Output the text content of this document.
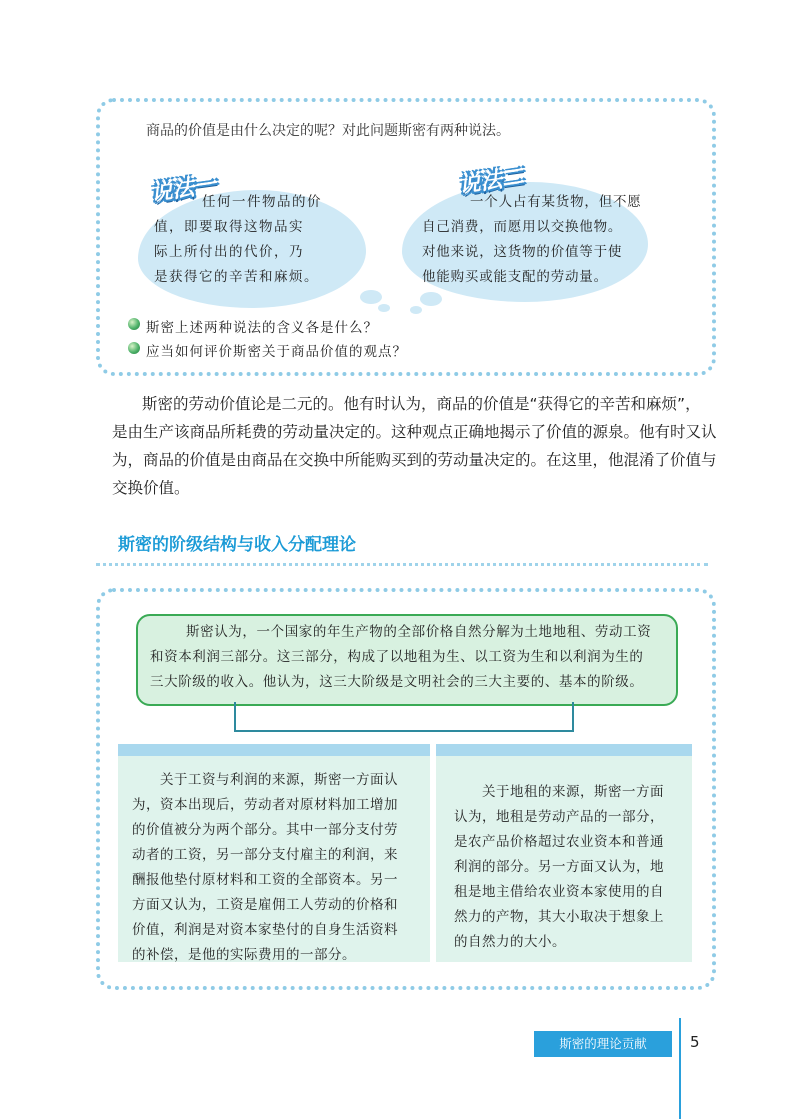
商品的价值是由什么决定的呢？对此问题斯密有两种说法。
说法一
任何一件物品的价
值，即要取得这物品实
际上所付出的代价，乃
是获得它的辛苦和麻烦。
说法二
一个人占有某货物，但不愿
自己消费，而愿用以交换他物。
对他来说，这货物的价值等于使
他能购买或能支配的劳动量。
斯密上述两种说法的含义各是什么？
应当如何评价斯密关于商品价值的观点？
斯密的劳动价值论是二元的。他有时认为，商品的价值是“获得它的辛苦和麻烦”，
是由生产该商品所耗费的劳动量决定的。这种观点正确地揭示了价值的源泉。他有时又认
为，商品的价值是由商品在交换中所能购买到的劳动量决定的。在这里，他混淆了价值与
交换价值。
斯密的阶级结构与收入分配理论
斯密认为，一个国家的年生产物的全部价格自然分解为土地地租、劳动工资
和资本利润三部分。这三部分，构成了以地租为生、以工资为生和以利润为生的
三大阶级的收入。他认为，这三大阶级是文明社会的三大主要的、基本的阶级。
关于工资与利润的来源，斯密一方面认
为，资本出现后，劳动者对原材料加工增加
的价值被分为两个部分。其中一部分支付劳
动者的工资，另一部分支付雇主的利润，来
酬报他垫付原材料和工资的全部资本。另一
方面又认为，工资是雇佣工人劳动的价格和
价值，利润是对资本家垫付的自身生活资料
的补偿，是他的实际费用的一部分。
关于地租的来源，斯密一方面
认为，地租是劳动产品的一部分，
是农产品价格超过农业资本和普通
利润的部分。另一方面又认为，地
租是地主借给农业资本家使用的自
然力的产物，其大小取决于想象上
的自然力的大小。
斯密的理论贡献	5
